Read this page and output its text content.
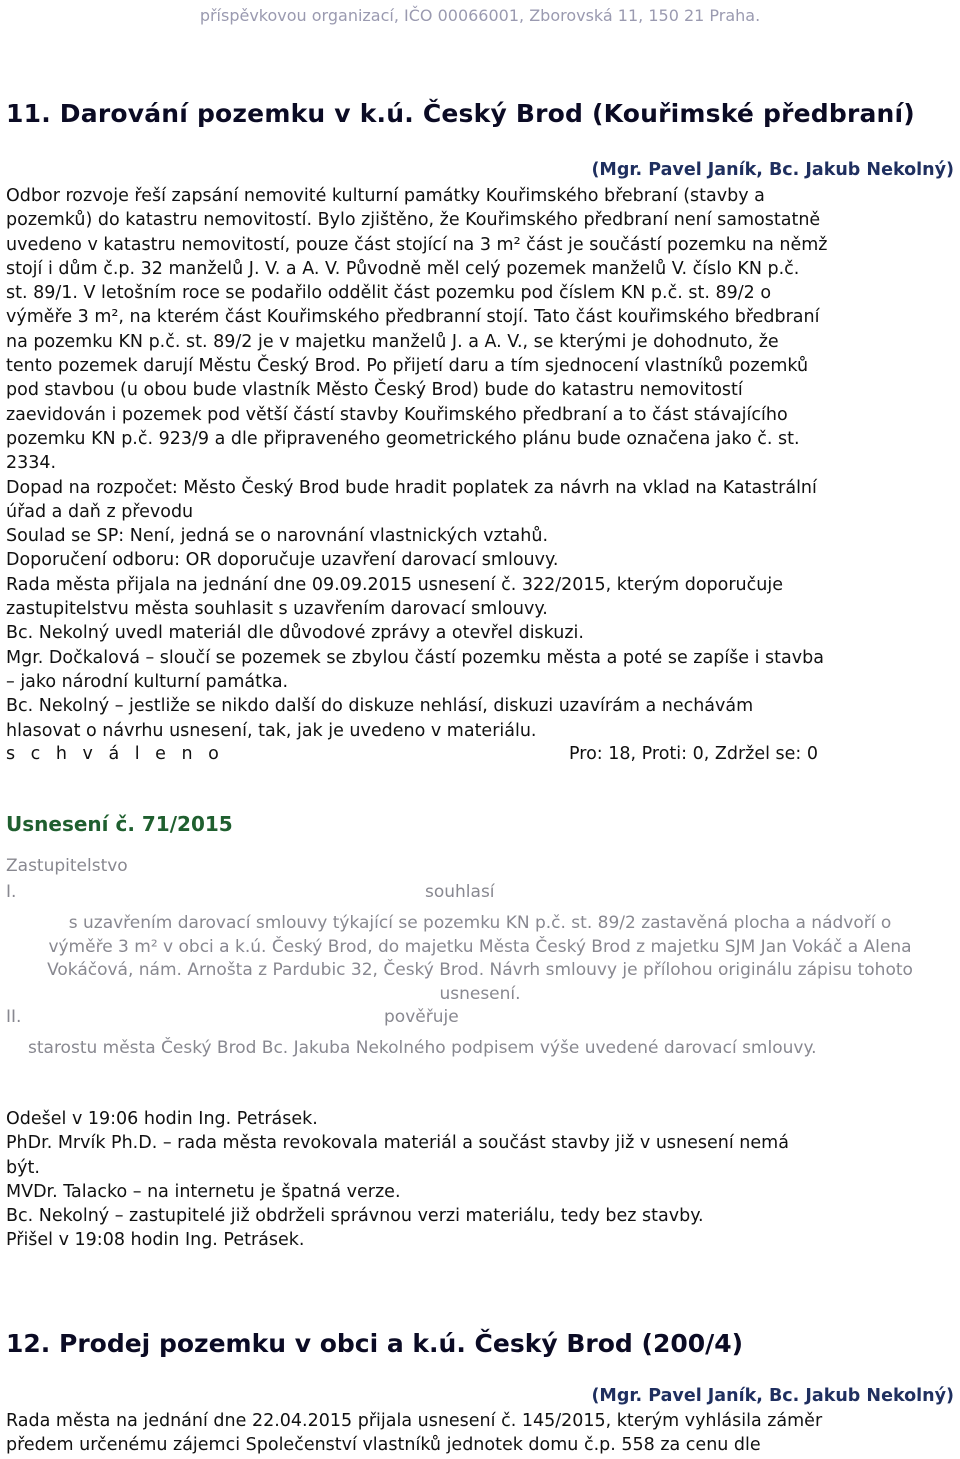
příspěvkovou organizací, IČO 00066001, Zborovská 11, 150 21 Praha.
11. Darování pozemku v k.ú. Český Brod (Kouřimské předbraní)
(Mgr. Pavel Janík, Bc. Jakub Nekolný)

Odbor rozvoje řeší zapsání nemovité kulturní památky Kouřimského břebraní (stavby a

pozemků) do katastru nemovitostí. Bylo zjištěno, že Kouřimského předbraní není samostatně

uvedeno v katastru nemovitostí, pouze část stojící na 3 m² část je součástí pozemku na němž

stojí i dům č.p. 32 manželů J. V. a A. V. Původně měl celý pozemek manželů V. číslo KN p.č.

st. 89/1. V letošním roce se podařilo oddělit část pozemku pod číslem KN p.č. st. 89/2 o

výměře 3 m², na kterém část Kouřimského předbranní stojí. Tato část kouřimského bředbraní

na pozemku KN p.č. st. 89/2 je v majetku manželů J. a A. V., se kterými je dohodnuto, že

tento pozemek darují Městu Český Brod. Po přijetí daru a tím sjednocení vlastníků pozemků

pod stavbou (u obou bude vlastník Město Český Brod) bude do katastru nemovitostí

zaevidován i pozemek pod větší částí stavby Kouřimského předbraní a to část stávajícího

pozemku KN p.č. 923/9 a dle připraveného geometrického plánu bude označena jako č. st.

2334.

Dopad na rozpočet: Město Český Brod bude hradit poplatek za návrh na vklad na Katastrální

úřad a daň z převodu

Soulad se SP: Není, jedná se o narovnání vlastnických vztahů.

Doporučení odboru: OR doporučuje uzavření darovací smlouvy.

Rada města přijala na jednání dne 09.09.2015 usnesení č. 322/2015, kterým doporučuje

zastupitelstvu města souhlasit s uzavřením darovací smlouvy.

Bc. Nekolný uvedl materiál dle důvodové zprávy a otevřel diskuzi.

Mgr. Dočkalová – sloučí se pozemek se zbylou částí pozemku města a poté se zapíše i stavba

– jako národní kulturní památka.

Bc. Nekolný – jestliže se nikdo další do diskuze nehlásí, diskuzi uzavírám a nechávám

hlasovat o návrhu usnesení, tak, jak je uvedeno v materiálu.

s c h v á l e n o	Pro: 18, Proti: 0, Zdržel se: 0
Usnesení č. 71/2015
Zastupitelstvo
I.	souhlasí
s uzavřením darovací smlouvy týkající se pozemku KN p.č. st. 89/2 zastavěná plocha a nádvoří o
výměře 3 m² v obci a k.ú. Český Brod, do majetku Města Český Brod z majetku SJM Jan Vokáč a Alena
Vokáčová, nám. Arnošta z Pardubic 32, Český Brod. Návrh smlouvy je přílohou originálu zápisu tohoto
usnesení.
II.	pověřuje
starostu města Český Brod Bc. Jakuba Nekolného podpisem výše uvedené darovací smlouvy.

Odešel v 19:06 hodin Ing. Petrásek.

PhDr. Mrvík Ph.D. – rada města revokovala materiál a součást stavby již v usnesení nemá

být.

MVDr. Talacko – na internetu je špatná verze.

Bc. Nekolný – zastupitelé již obdrželi správnou verzi materiálu, tedy bez stavby.

Přišel v 19:08 hodin Ing. Petrásek.

12. Prodej pozemku v obci a k.ú. Český Brod (200/4)
(Mgr. Pavel Janík, Bc. Jakub Nekolný)

Rada města na jednání dne 22.04.2015 přijala usnesení č. 145/2015, kterým vyhlásila záměr

předem určenému zájemci Společenství vlastníků jednotek domu č.p. 558 za cenu dle
